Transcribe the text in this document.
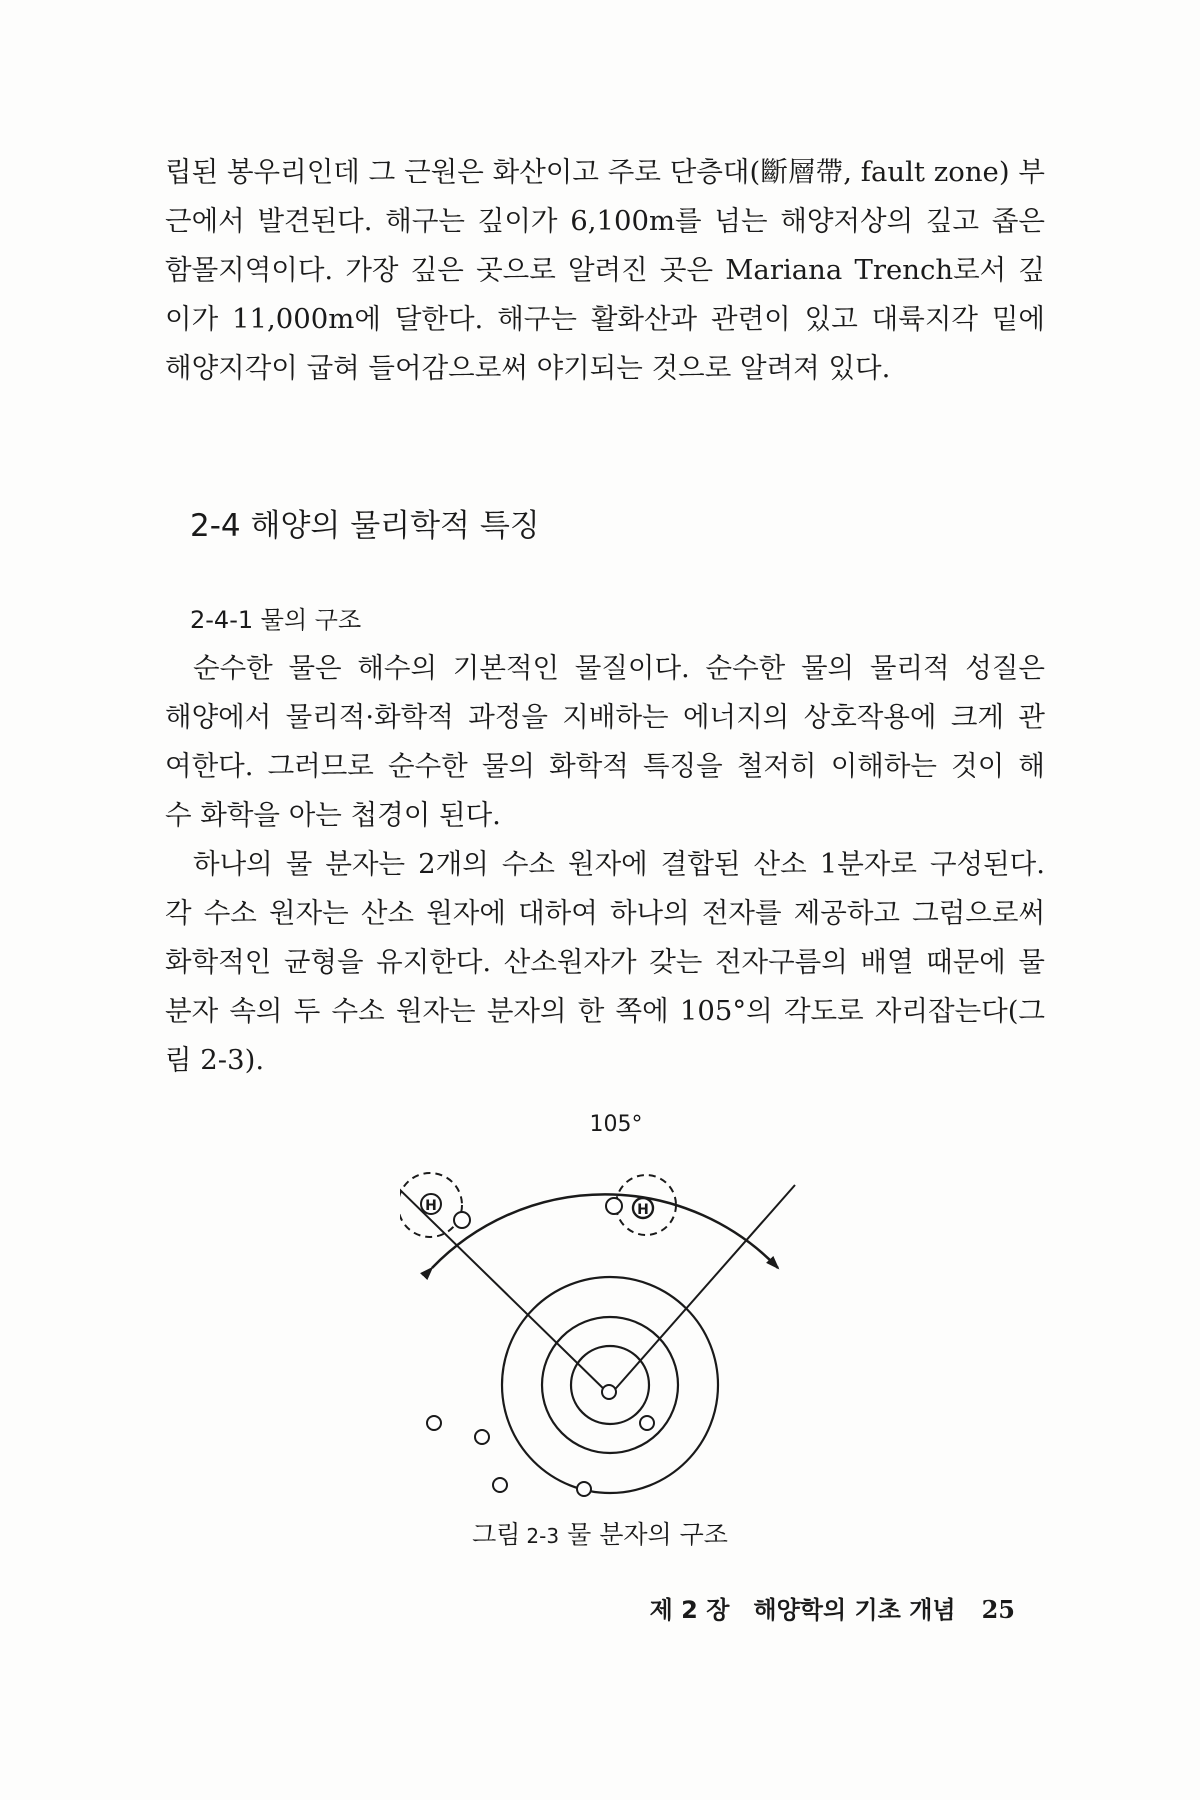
립된 봉우리인데 그 근원은 화산이고 주로 단층대(斷層帶, fault zone) 부
근에서 발견된다. 해구는 깊이가 6,100m를 넘는 해양저상의 깊고 좁은
함몰지역이다. 가장 깊은 곳으로 알려진 곳은 Mariana Trench로서 깊
이가 11,000m에 달한다. 해구는 활화산과 관련이 있고 대륙지각 밑에
해양지각이 굽혀 들어감으로써 야기되는 것으로 알려져 있다.
2-4 해양의 물리학적 특징
2-4-1 물의 구조
순수한 물은 해수의 기본적인 물질이다. 순수한 물의 물리적 성질은
해양에서 물리적·화학적 과정을 지배하는 에너지의 상호작용에 크게 관
여한다. 그러므로 순수한 물의 화학적 특징을 철저히 이해하는 것이 해
수 화학을 아는 첩경이 된다.
하나의 물 분자는 2개의 수소 원자에 결합된 산소 1분자로 구성된다.
각 수소 원자는 산소 원자에 대하여 하나의 전자를 제공하고 그럼으로써
화학적인 균형을 유지한다. 산소원자가 갖는 전자구름의 배열 때문에 물
분자 속의 두 수소 원자는 분자의 한 쪽에 105°의 각도로 자리잡는다(그
림 2-3).
105°
H	H
그림 2-3 물 분자의 구조
제 2 장 해양학의 기초 개념 25
